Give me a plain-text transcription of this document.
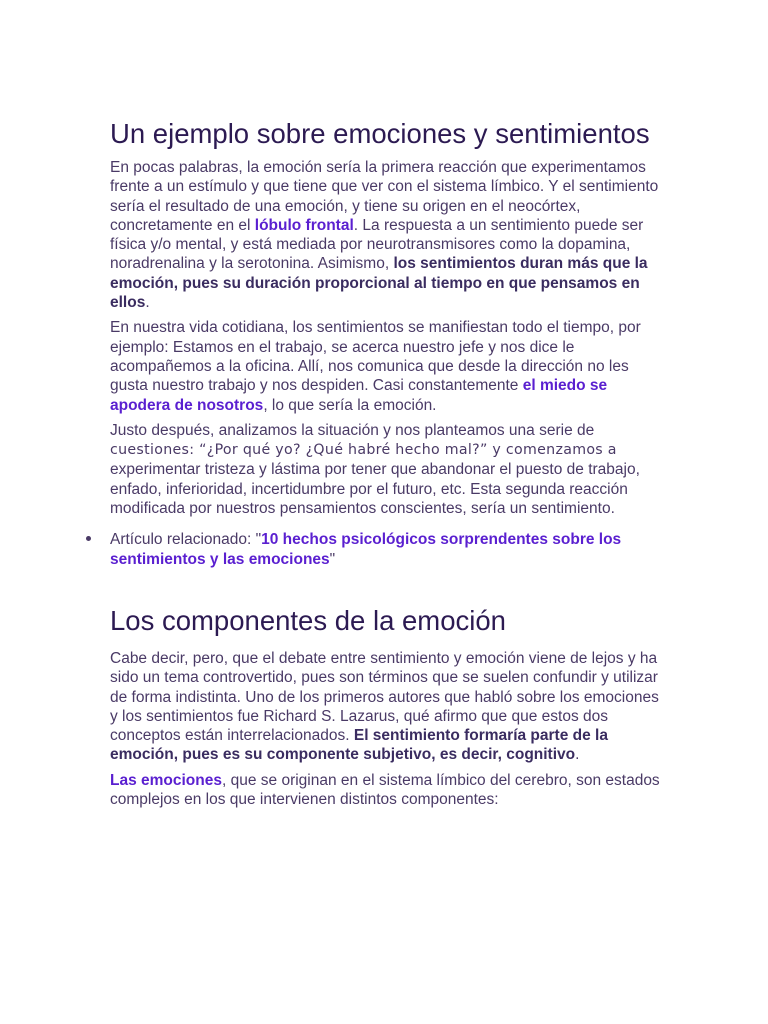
Un ejemplo sobre emociones y sentimientos

En pocas palabras, la emoción sería la primera reacción que experimentamos frente a un estímulo y que tiene que ver con el sistema límbico. Y el sentimiento sería el resultado de una emoción, y tiene su origen en el neocórtex, concretamente en el lóbulo frontal. La respuesta a un sentimiento puede ser física y/o mental, y está mediada por neurotransmisores como la dopamina, noradrenalina y la serotonina. Asimismo, los sentimientos duran más que la emoción, pues su duración proporcional al tiempo en que pensamos en ellos.

En nuestra vida cotidiana, los sentimientos se manifiestan todo el tiempo, por ejemplo: Estamos en el trabajo, se acerca nuestro jefe y nos dice le acompañemos a la oficina. Allí, nos comunica que desde la dirección no les gusta nuestro trabajo y nos despiden. Casi constantemente el miedo se apodera de nosotros, lo que sería la emoción.

Justo después, analizamos la situación y nos planteamos una serie de cuestiones: “¿Por qué yo? ¿Qué habré hecho mal?” y comenzamos a experimentar tristeza y lástima por tener que abandonar el puesto de trabajo, enfado, inferioridad, incertidumbre por el futuro, etc. Esta segunda reacción modificada por nuestros pensamientos conscientes, sería un sentimiento.

Artículo relacionado: "10 hechos psicológicos sorprendentes sobre los sentimientos y las emociones"
Los componentes de la emoción

Cabe decir, pero, que el debate entre sentimiento y emoción viene de lejos y ha sido un tema controvertido, pues son términos que se suelen confundir y utilizar de forma indistinta. Uno de los primeros autores que habló sobre los emociones y los sentimientos fue Richard S. Lazarus, qué afirmo que que estos dos conceptos están interrelacionados. El sentimiento formaría parte de la emoción, pues es su componente subjetivo, es decir, cognitivo.

Las emociones, que se originan en el sistema límbico del cerebro, son estados complejos en los que intervienen distintos componentes:
